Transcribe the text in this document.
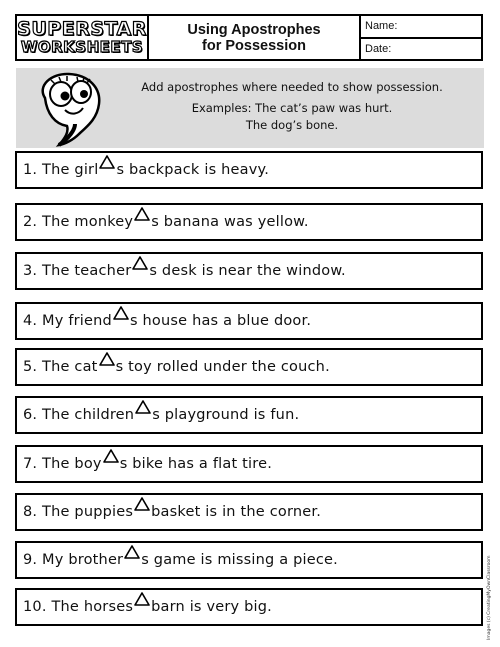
SUPERSTAR
WORKSHEETS
Using Apostrophes
for Possession
Name:
Date:
Add apostrophes where needed to show possession.
Examples: The cat’s paw was hurt.
The dog’s bone.
1. The girl s backpack is heavy.
2. The monkey s banana was yellow.
3. The teacher s desk is near the window.
4. My friend s house has a blue door.
5. The cat s toy rolled under the couch.
6. The children s playground is fun.
7. The boy s bike has a flat tire.
8. The puppies basket is in the corner.
9. My brother s game is missing a piece.
10. The horses barn is very big.	Images (c) CreatingMyOwnClassroom
